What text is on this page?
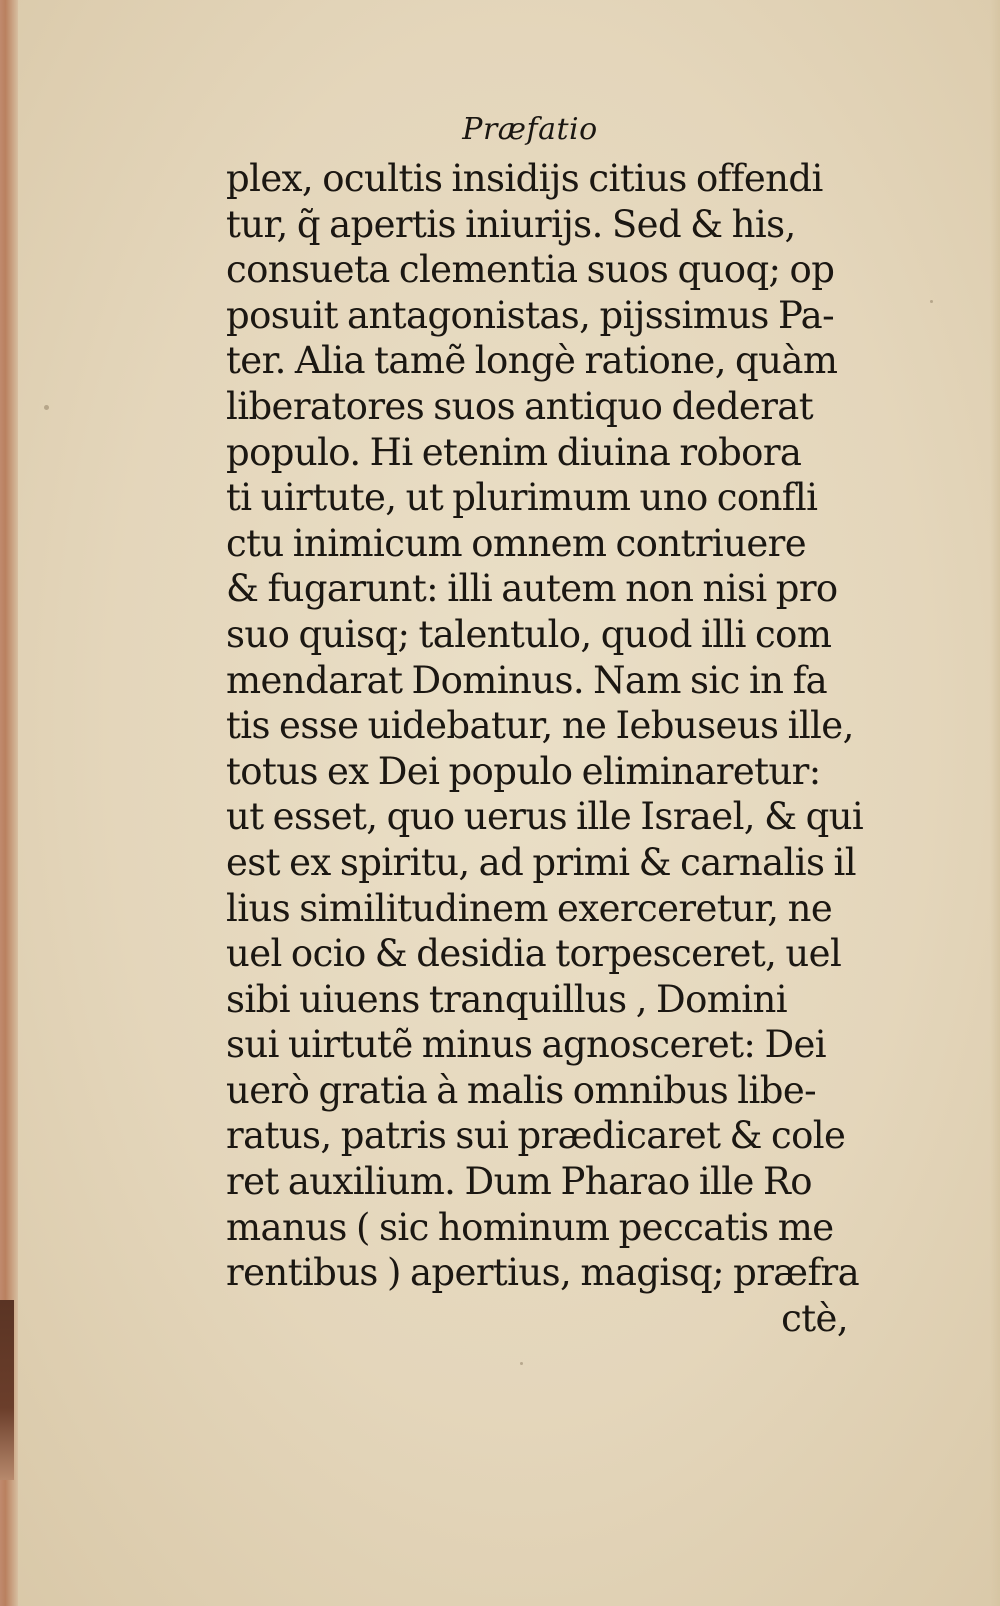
Præfatio
plex, ocultis insidijs citius offendi
tur, q̃ apertis iniurijs. Sed & his,
consueta clementia suos quoq; op
posuit antagonistas, pijssimus Pa-
ter. Alia tamẽ longè ratione, quàm
liberatores suos antiquo dederat
populo. Hi etenim diuina robora
ti uirtute, ut plurimum uno confli
ctu inimicum omnem contriuere
& fugarunt: illi autem non nisi pro
suo quisq; talentulo, quod illi com
mendarat Dominus. Nam sic in fa
tis esse uidebatur, ne Iebuseus ille,
totus ex Dei populo eliminaretur:
ut esset, quo uerus ille Israel, & qui
est ex spiritu, ad primi & carnalis il
lius similitudinem exerceretur, ne
uel ocio & desidia torpesceret, uel
sibi uiuens tranquillus , Domini
sui uirtutẽ minus agnosceret: Dei
uerò gratia à malis omnibus libe-
ratus, patris sui prædicaret & cole
ret auxilium. Dum Pharao ille Ro
manus ( sic hominum peccatis me
rentibus ) apertius, magisq; præfra
ctè,
